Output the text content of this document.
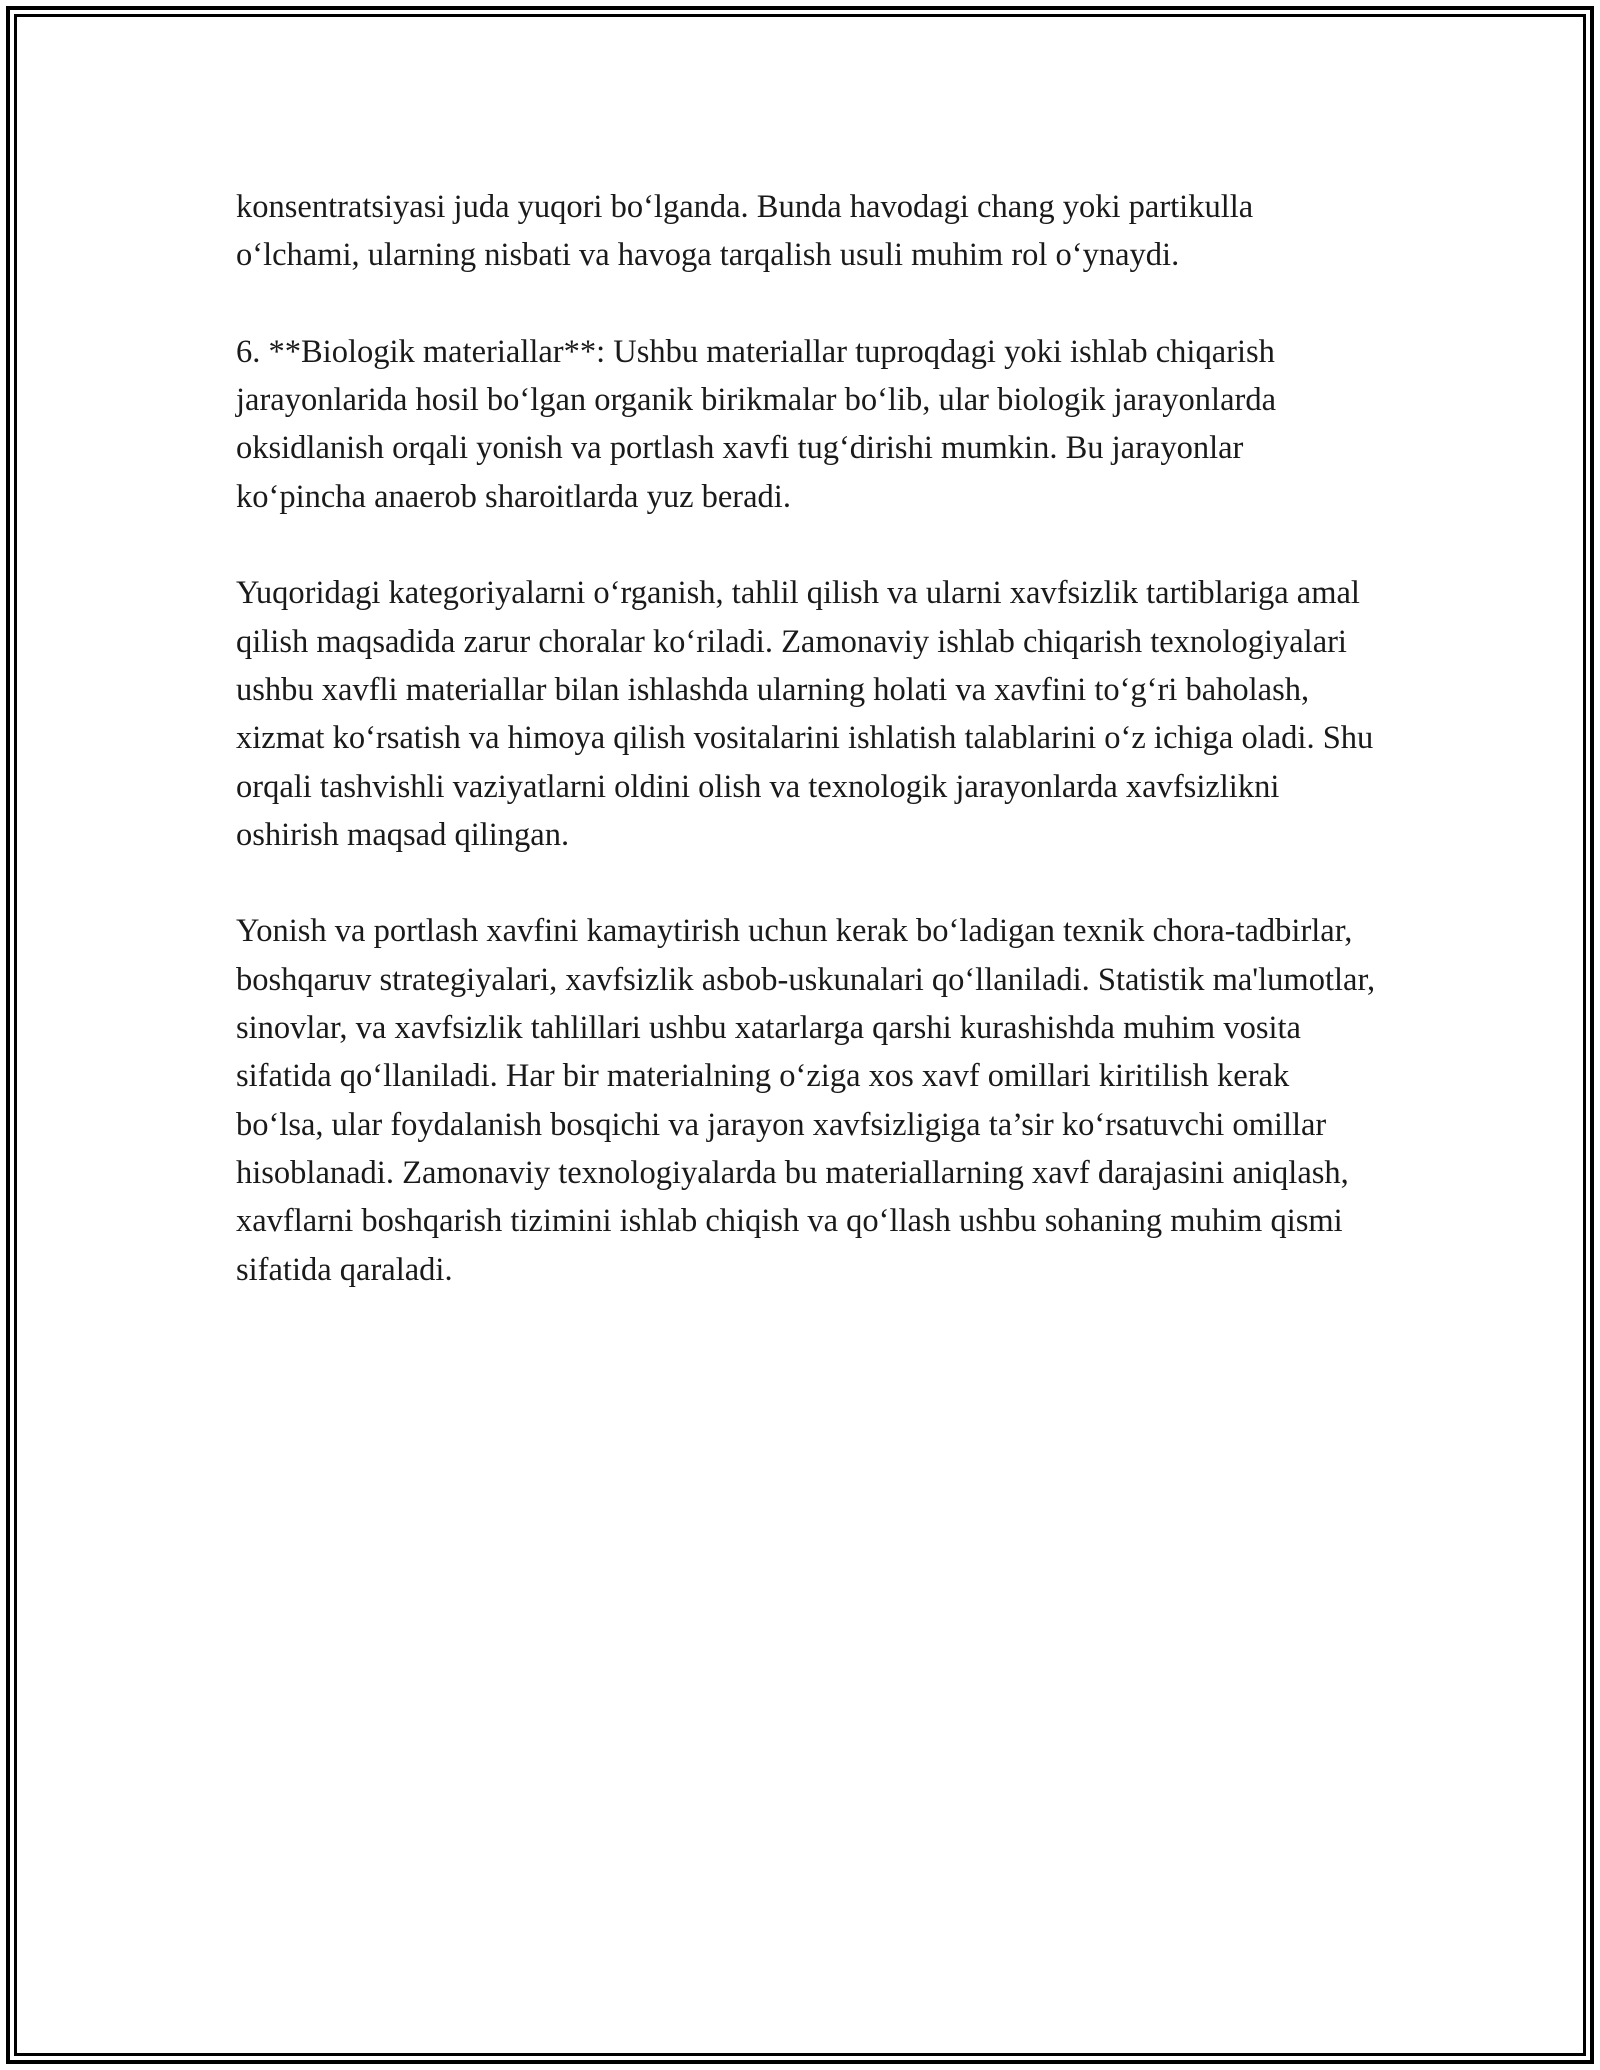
konsentratsiyasi juda yuqori bo‘lganda. Bunda havodagi chang yoki partikulla o‘lchami, ularning nisbati va havoga tarqalish usuli muhim rol o‘ynaydi.

6. **Biologik materiallar**: Ushbu materiallar tuproqdagi yoki ishlab chiqarish jarayonlarida hosil bo‘lgan organik birikmalar bo‘lib, ular biologik jarayonlarda oksidlanish orqali yonish va portlash xavfi tug‘dirishi mumkin. Bu jarayonlar ko‘pincha anaerob sharoitlarda yuz beradi.

Yuqoridagi kategoriyalarni o‘rganish, tahlil qilish va ularni xavfsizlik tartiblariga amal qilish maqsadida zarur choralar ko‘riladi. Zamonaviy ishlab chiqarish texnologiyalari ushbu xavfli materiallar bilan ishlashda ularning holati va xavfini to‘g‘ri baholash, xizmat ko‘rsatish va himoya qilish vositalarini ishlatish talablarini o‘z ichiga oladi. Shu orqali tashvishli vaziyatlarni oldini olish va texnologik jarayonlarda xavfsizlikni oshirish maqsad qilingan.

Yonish va portlash xavfini kamaytirish uchun kerak bo‘ladigan texnik chora-tadbirlar, boshqaruv strategiyalari, xavfsizlik asbob-uskunalari qo‘llaniladi. Statistik ma'lumotlar, sinovlar, va xavfsizlik tahlillari ushbu xatarlarga qarshi kurashishda muhim vosita sifatida qo‘llaniladi. Har bir materialning o‘ziga xos xavf omillari kiritilish kerak bo‘lsa, ular foydalanish bosqichi va jarayon xavfsizligiga ta’sir ko‘rsatuvchi omillar hisoblanadi. Zamonaviy texnologiyalarda bu materiallarning xavf darajasini aniqlash, xavflarni boshqarish tizimini ishlab chiqish va qo‘llash ushbu sohaning muhim qismi sifatida qaraladi.
